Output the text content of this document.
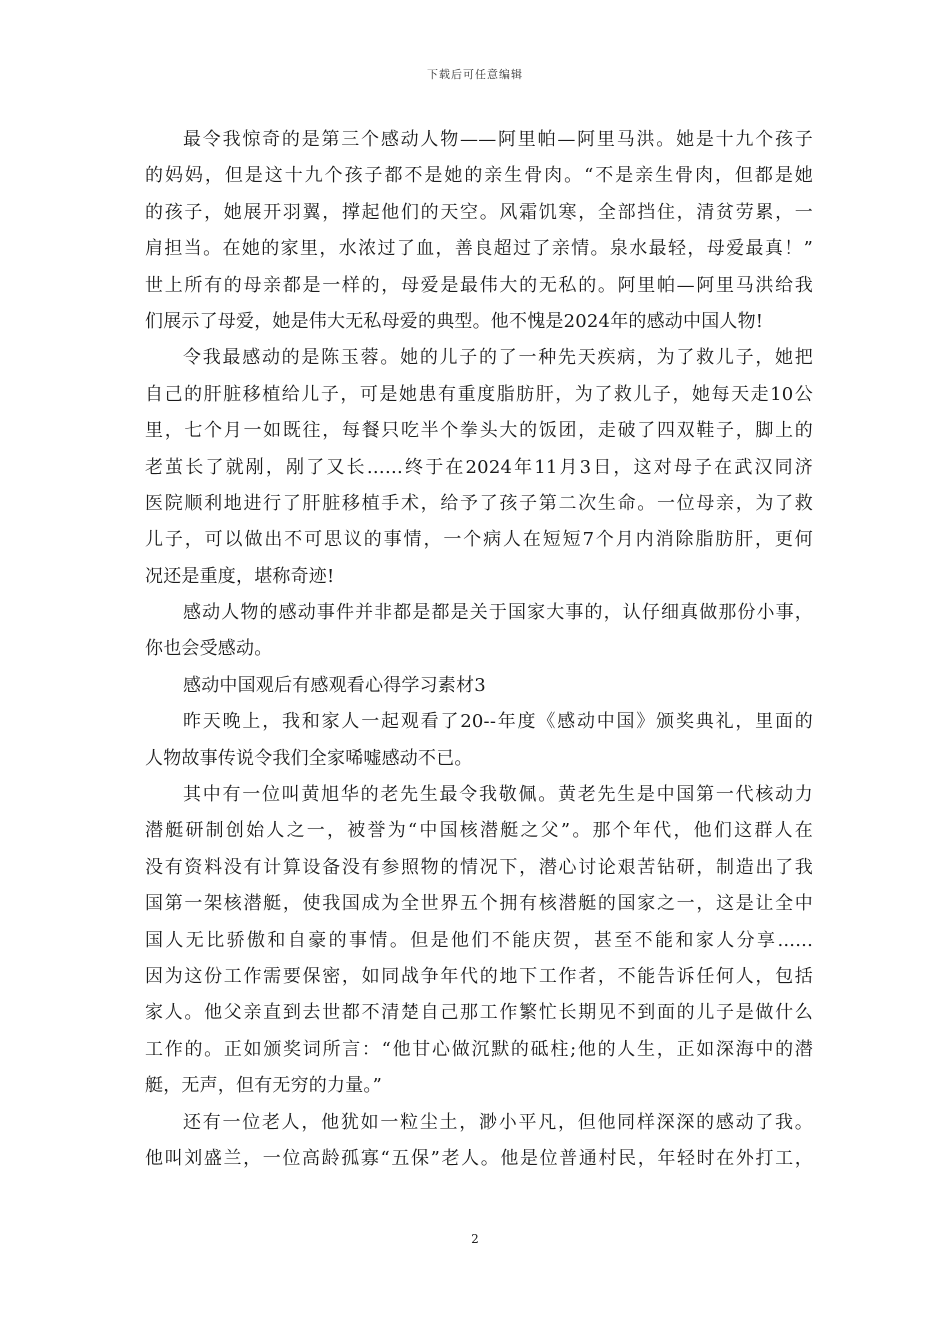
下载后可任意编辑
最令我惊奇的是第三个感动人物——阿里帕—阿里马洪。她是十九个孩子
的妈妈，但是这十九个孩子都不是她的亲生骨肉。“不是亲生骨肉，但都是她
的孩子，她展开羽翼，撑起他们的天空。风霜饥寒，全部挡住，清贫劳累，一
肩担当。在她的家里，水浓过了血，善良超过了亲情。泉水最轻，母爱最真！”
世上所有的母亲都是一样的，母爱是最伟大的无私的。阿里帕—阿里马洪给我
们展示了母爱，她是伟大无私母爱的典型。他不愧是2024年的感动中国人物!
令我最感动的是陈玉蓉。她的儿子的了一种先天疾病，为了救儿子，她把
自己的肝脏移植给儿子，可是她患有重度脂肪肝，为了救儿子，她每天走10公
里，七个月一如既往，每餐只吃半个拳头大的饭团，走破了四双鞋子，脚上的
老茧长了就剐，剐了又长……终于在2024年11月3日，这对母子在武汉同济
医院顺利地进行了肝脏移植手术，给予了孩子第二次生命。一位母亲，为了救
儿子，可以做出不可思议的事情，一个病人在短短7个月内消除脂肪肝，更何
况还是重度，堪称奇迹!
感动人物的感动事件并非都是都是关于国家大事的，认仔细真做那份小事，
你也会受感动。
感动中国观后有感观看心得学习素材3
昨天晚上，我和家人一起观看了20--年度《感动中国》颁奖典礼，里面的
人物故事传说令我们全家唏嘘感动不已。
其中有一位叫黄旭华的老先生最令我敬佩。黄老先生是中国第一代核动力
潜艇研制创始人之一，被誉为“中国核潜艇之父”。那个年代，他们这群人在
没有资料没有计算设备没有参照物的情况下，潜心讨论艰苦钻研，制造出了我
国第一架核潜艇，使我国成为全世界五个拥有核潜艇的国家之一，这是让全中
国人无比骄傲和自豪的事情。但是他们不能庆贺，甚至不能和家人分享......
因为这份工作需要保密，如同战争年代的地下工作者，不能告诉任何人，包括
家人。他父亲直到去世都不清楚自己那工作繁忙长期见不到面的儿子是做什么
工作的。正如颁奖词所言：“他甘心做沉默的砥柱;他的人生，正如深海中的潜
艇，无声，但有无穷的力量。”
还有一位老人，他犹如一粒尘土，渺小平凡，但他同样深深的感动了我。
他叫刘盛兰，一位高龄孤寡“五保”老人。他是位普通村民，年轻时在外打工，
2
